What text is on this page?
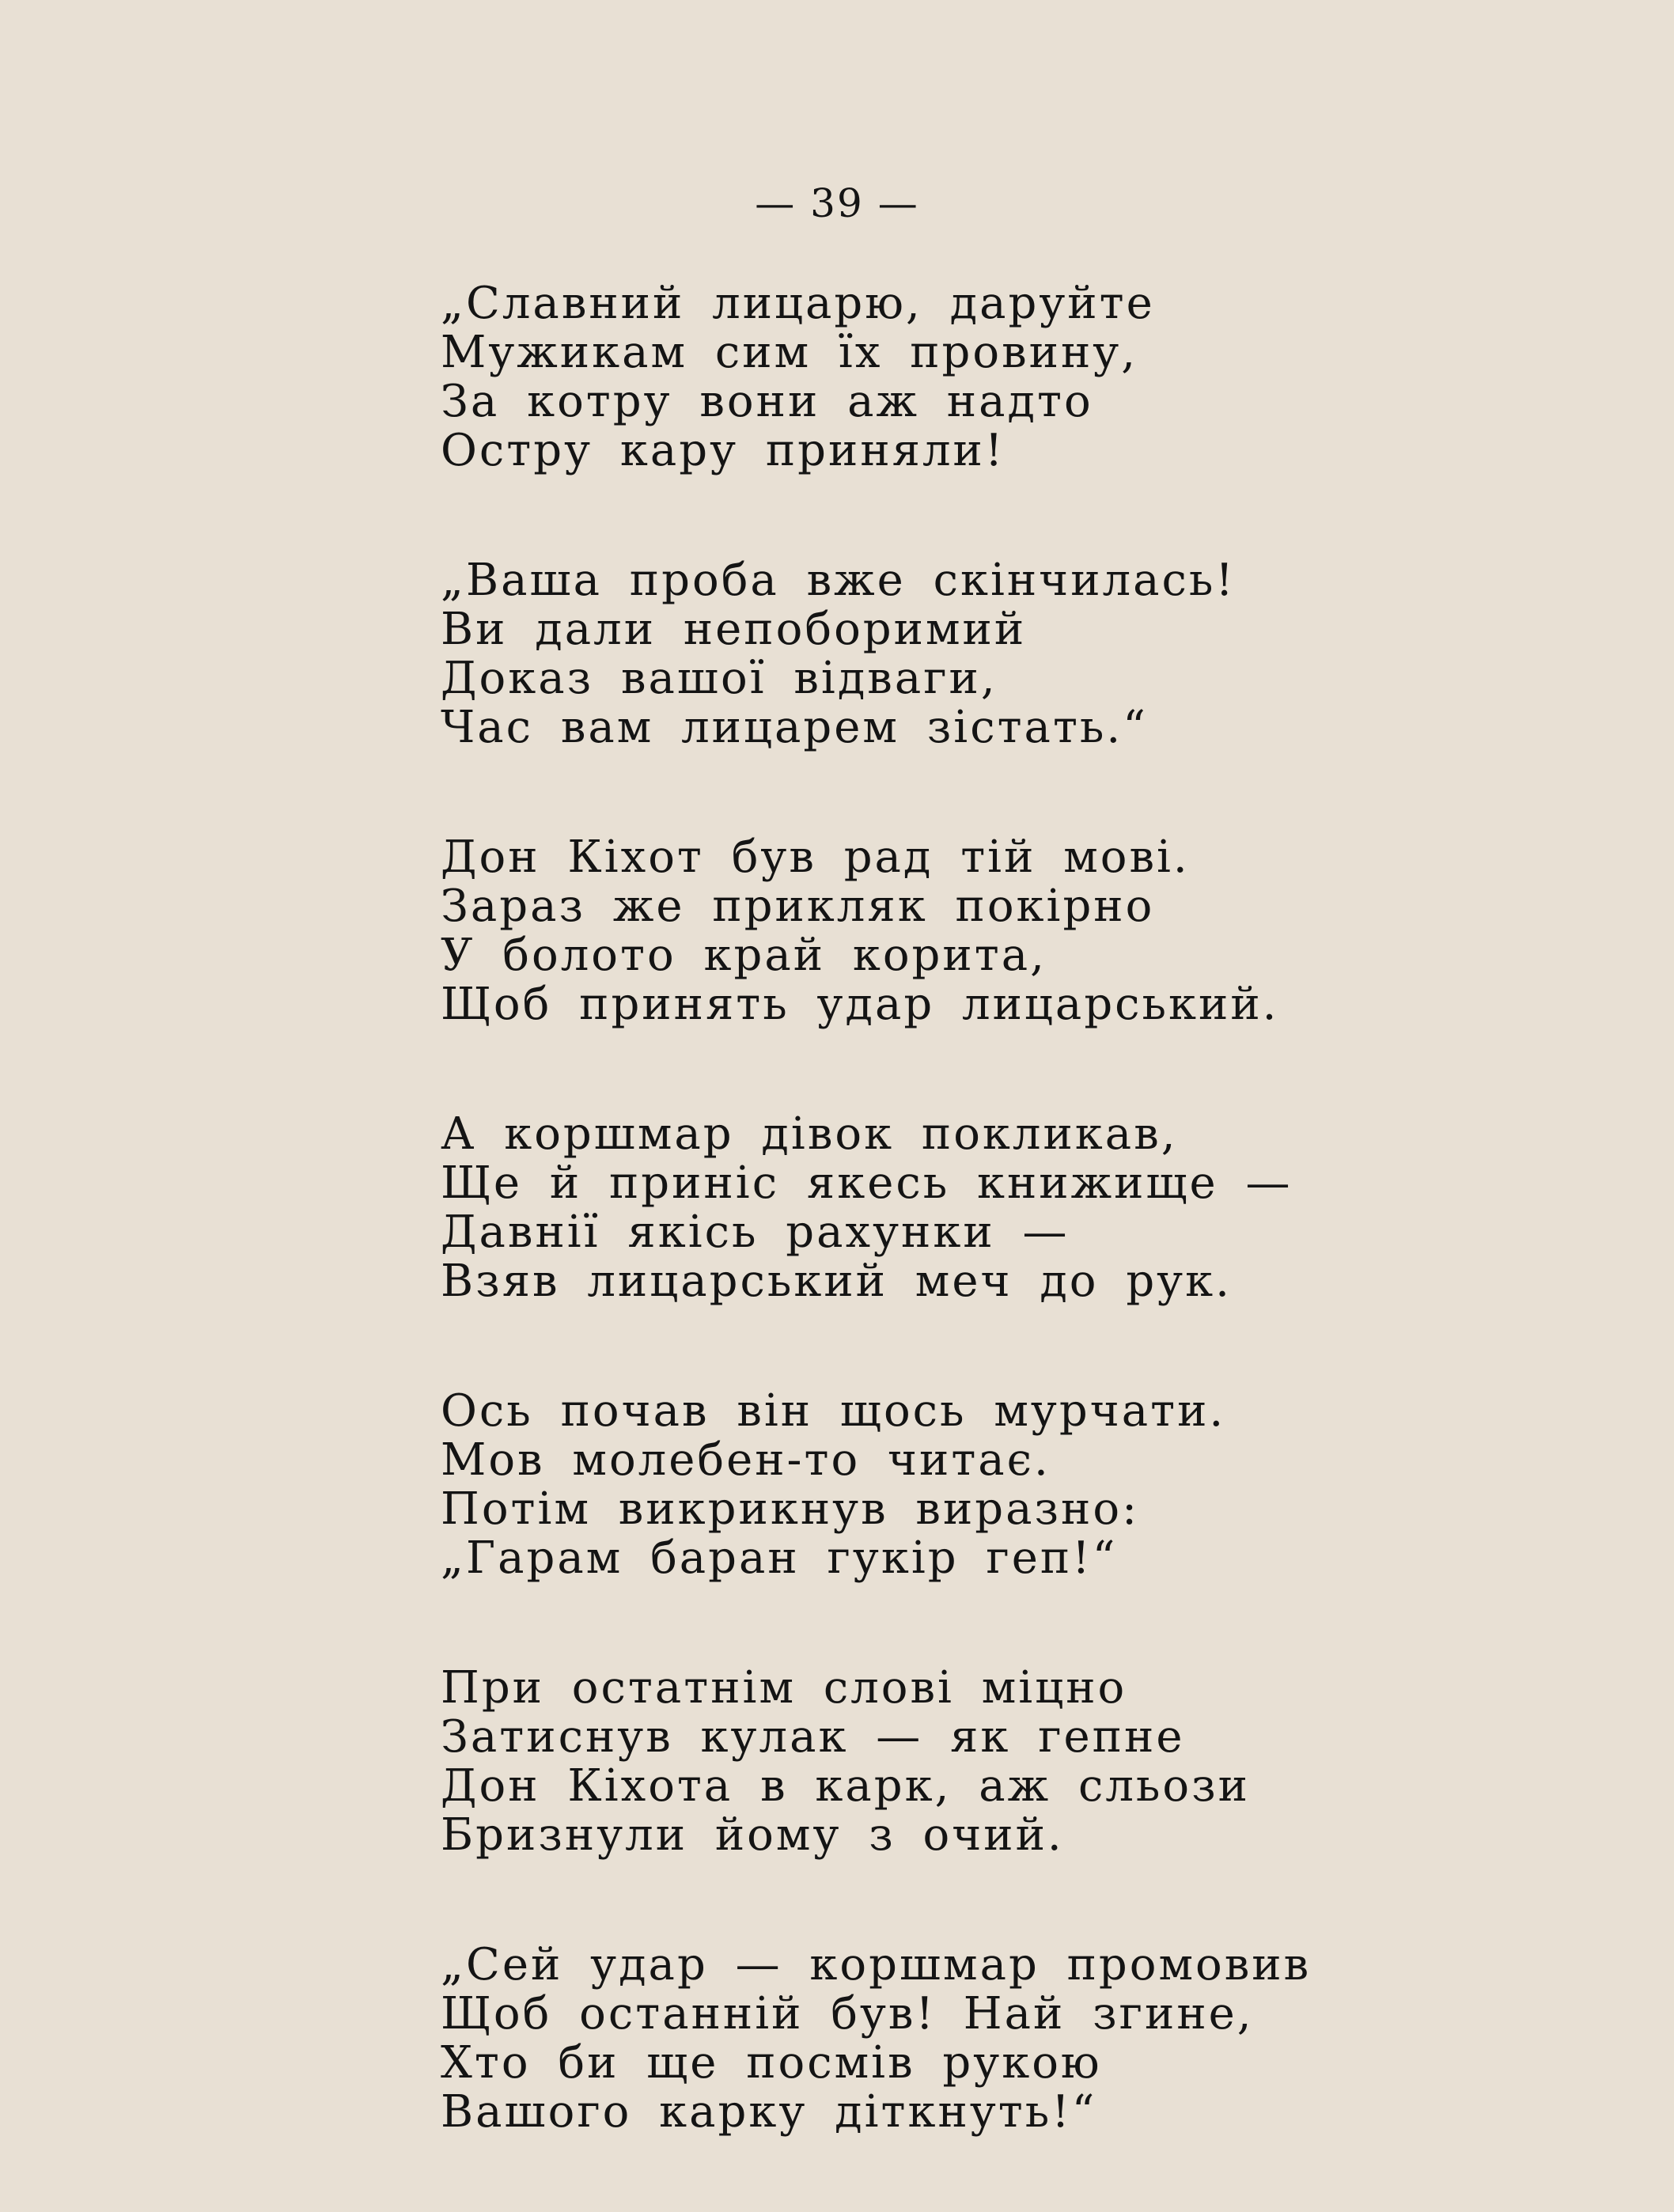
— 39 —
„Славний лицарю, даруйте
Мужикам сим їх провину,
За котру вони аж надто
Остру кару приняли!
„Ваша проба вже скінчилась!
Ви дали непоборимий
Доказ вашої відваги,
Час вам лицарем зістать.“
Дон Кіхот був рад тій мові.
Зараз же прикляк покірно
У болото край корита,
Щоб принять удар лицарський.
А коршмар дівок покликав,
Ще й приніс якесь книжище —
Давнії якісь рахунки —
Взяв лицарський меч до рук.
Ось почав він щось мурчати.
Мов молебен-то читає.
Потім викрикнув виразно:
„Гарам баран гукір геп!“
При остатнім слові міцно
Затиснув кулак — як гепне
Дон Кіхота в карк, аж сльози
Бризнули йому з очий.
„Сей удар — коршмар промовив
Щоб останній був! Най згине,
Хто би ще посмів рукою
Вашого карку діткнуть!“
